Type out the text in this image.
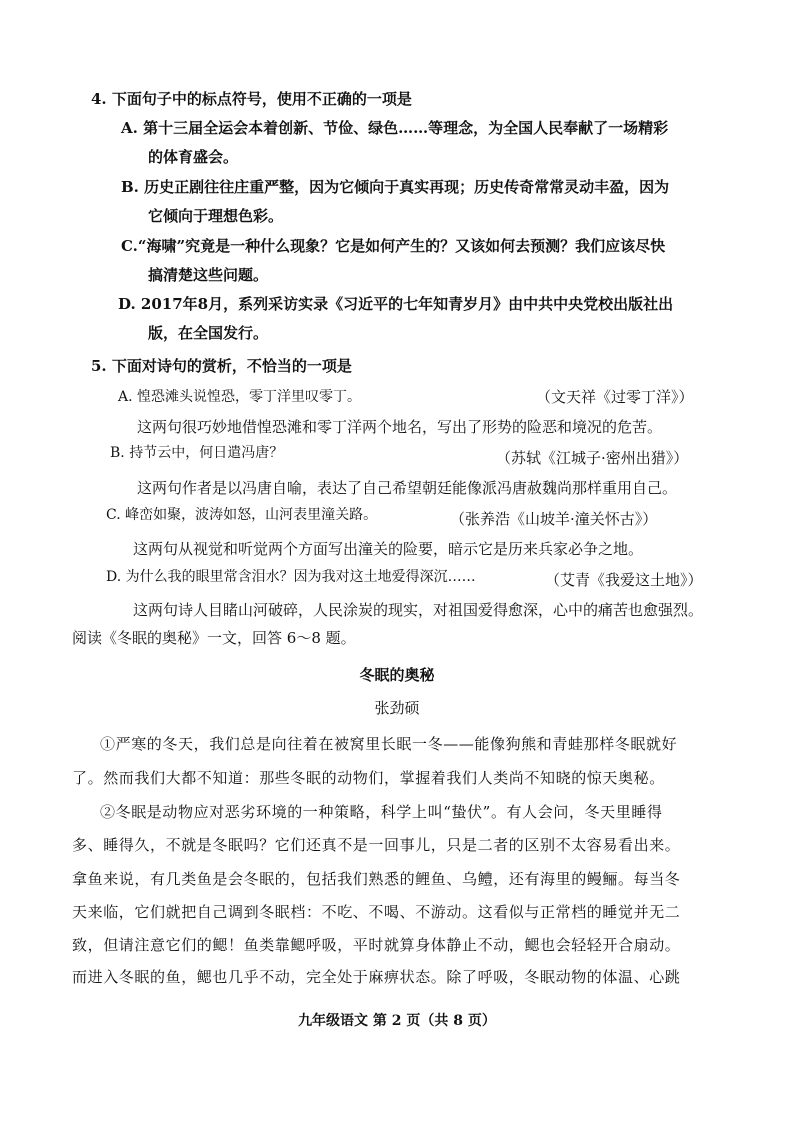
4. 下面句子中的标点符号，使用不正确的一项是
A. 第十三届全运会本着创新、节俭、绿色……等理念，为全国人民奉献了一场精彩
的体育盛会。
B. 历史正剧往往庄重严整，因为它倾向于真实再现；历史传奇常常灵动丰盈，因为
它倾向于理想色彩。
C.“海啸”究竟是一种什么现象？它是如何产生的？又该如何去预测？我们应该尽快
搞清楚这些问题。
D. 2017年8月，系列采访实录《习近平的七年知青岁月》由中共中央党校出版社出
版，在全国发行。
5. 下面对诗句的赏析，不恰当的一项是
A. 惶恐滩头说惶恐，零丁洋里叹零丁。	（文天祥《过零丁洋》）
这两句很巧妙地借惶恐滩和零丁洋两个地名，写出了形势的险恶和境况的危苦。
B. 持节云中，何日遣冯唐？	（苏轼《江城子·密州出猎》）
这两句作者是以冯唐自喻，表达了自己希望朝廷能像派冯唐赦魏尚那样重用自己。
C. 峰峦如聚，波涛如怒，山河表里潼关路。	（张养浩《山坡羊·潼关怀古》）
这两句从视觉和听觉两个方面写出潼关的险要，暗示它是历来兵家必争之地。
D. 为什么我的眼里常含泪水？因为我对这土地爱得深沉……	（艾青《我爱这土地》）
这两句诗人目睹山河破碎，人民涂炭的现实，对祖国爱得愈深，心中的痛苦也愈强烈。
阅读《冬眠的奥秘》一文，回答 6～8 题。
冬眠的奥秘
张劲硕
①严寒的冬天，我们总是向往着在被窝里长眠一冬——能像狗熊和青蛙那样冬眠就好
了。然而我们大都不知道：那些冬眠的动物们，掌握着我们人类尚不知晓的惊天奥秘。
②冬眠是动物应对恶劣环境的一种策略，科学上叫“蛰伏”。有人会问，冬天里睡得
多、睡得久，不就是冬眠吗？它们还真不是一回事儿，只是二者的区别不太容易看出来。
拿鱼来说，有几类鱼是会冬眠的，包括我们熟悉的鲤鱼、乌鳢，还有海里的鳗鲡。每当冬
天来临，它们就把自己调到冬眠档：不吃、不喝、不游动。这看似与正常档的睡觉并无二
致，但请注意它们的鳃！鱼类靠鳃呼吸，平时就算身体静止不动，鳃也会轻轻开合扇动。
而进入冬眠的鱼，鳃也几乎不动，完全处于麻痹状态。除了呼吸，冬眠动物的体温、心跳
九年级语文 第 2 页（共 8 页）
